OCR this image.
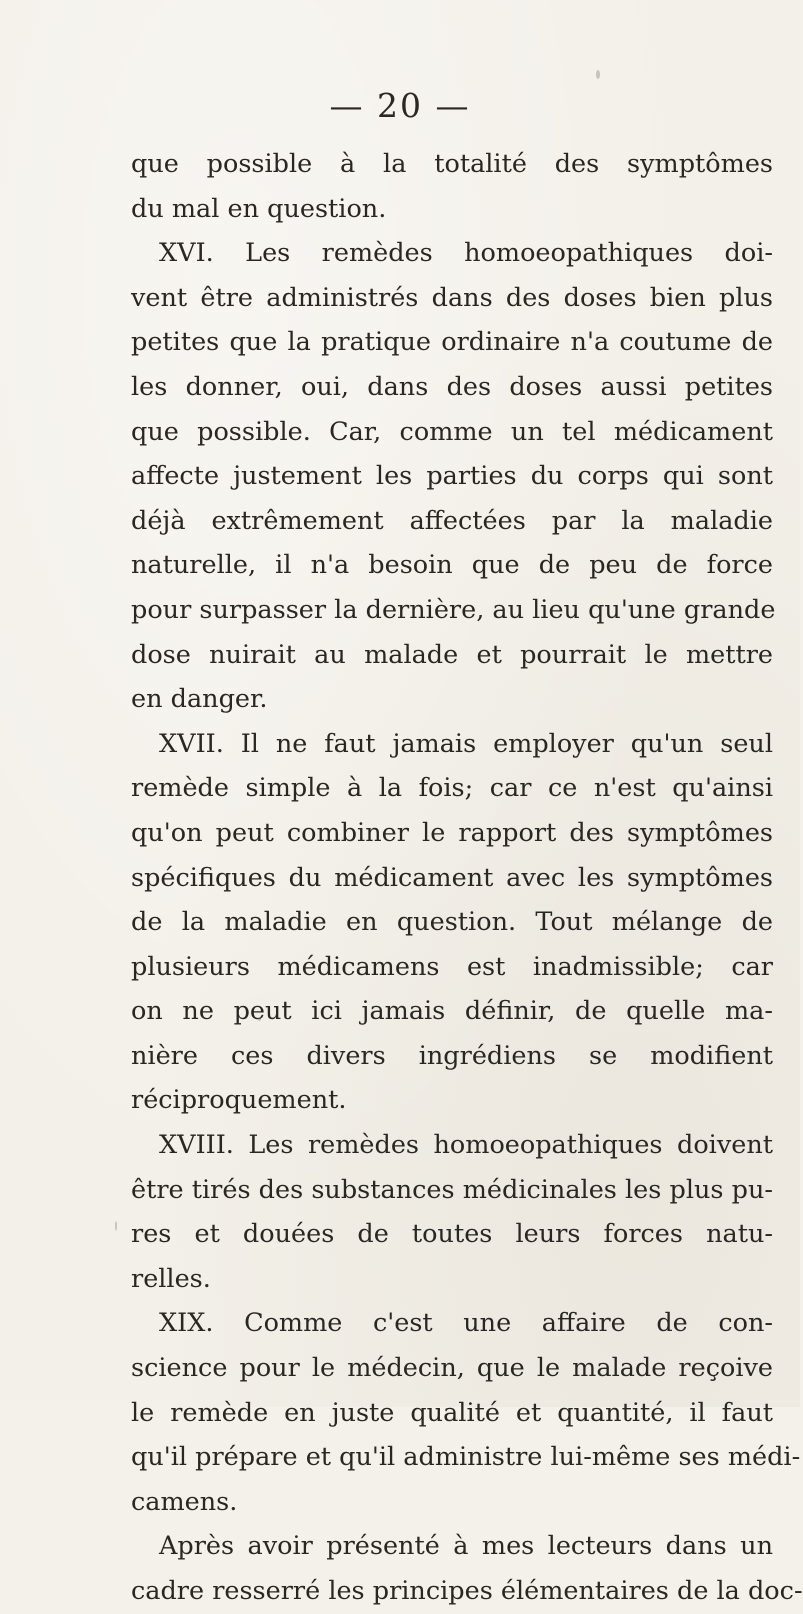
— 20 —
que possible à la totalité des symptômes
du mal en question.
XVI. Les remèdes homoeopathiques doi-
vent être administrés dans des doses bien plus
petites que la pratique ordinaire n'a coutume de
les donner, oui, dans des doses aussi petites
que possible. Car, comme un tel médicament
affecte justement les parties du corps qui sont
déjà extrêmement affectées par la maladie
naturelle, il n'a besoin que de peu de force
pour surpasser la dernière, au lieu qu'une grande
dose nuirait au malade et pourrait le mettre
en danger.
XVII. Il ne faut jamais employer qu'un seul
remède simple à la fois; car ce n'est qu'ainsi
qu'on peut combiner le rapport des symptômes
spécifiques du médicament avec les symptômes
de la maladie en question. Tout mélange de
plusieurs médicamens est inadmissible; car
on ne peut ici jamais définir, de quelle ma-
nière ces divers ingrédiens se modifient
réciproquement.
XVIII. Les remèdes homoeopathiques doivent
être tirés des substances médicinales les plus pu-
res et douées de toutes leurs forces natu-
relles.
XIX. Comme c'est une affaire de con-
science pour le médecin, que le malade reçoive
le remède en juste qualité et quantité, il faut
qu'il prépare et qu'il administre lui-même ses médi-
camens.
Après avoir présenté à mes lecteurs dans un
cadre resserré les principes élémentaires de la doc-
